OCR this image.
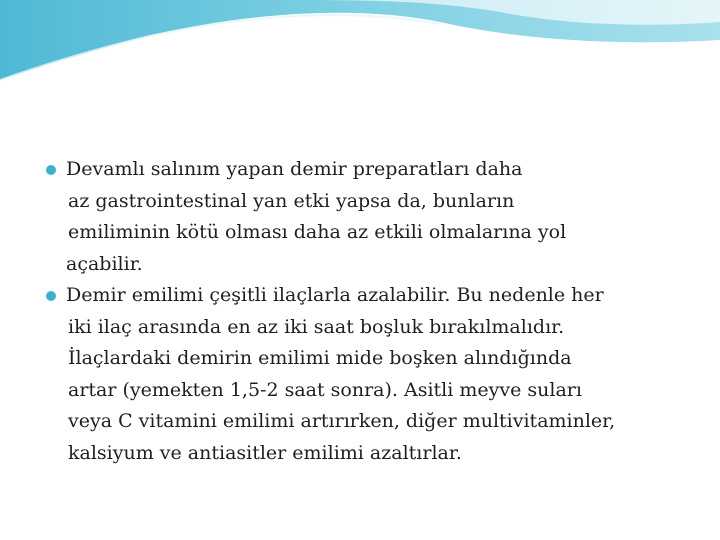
Devamlı salınım yapan demir preparatları daha
az gastrointestinal yan etki yapsa da, bunların
emiliminin kötü olması daha az etkili olmalarına yol
açabilir.
Demir emilimi çeşitli ilaçlarla azalabilir. Bu nedenle her
iki ilaç arasında en az iki saat boşluk bırakılmalıdır.
İlaçlardaki demirin emilimi mide boşken alındığında
artar (yemekten 1,5-2 saat sonra). Asitli meyve suları
veya C vitamini emilimi artırırken, diğer multivitaminler,
kalsiyum ve antiasitler emilimi azaltırlar.
